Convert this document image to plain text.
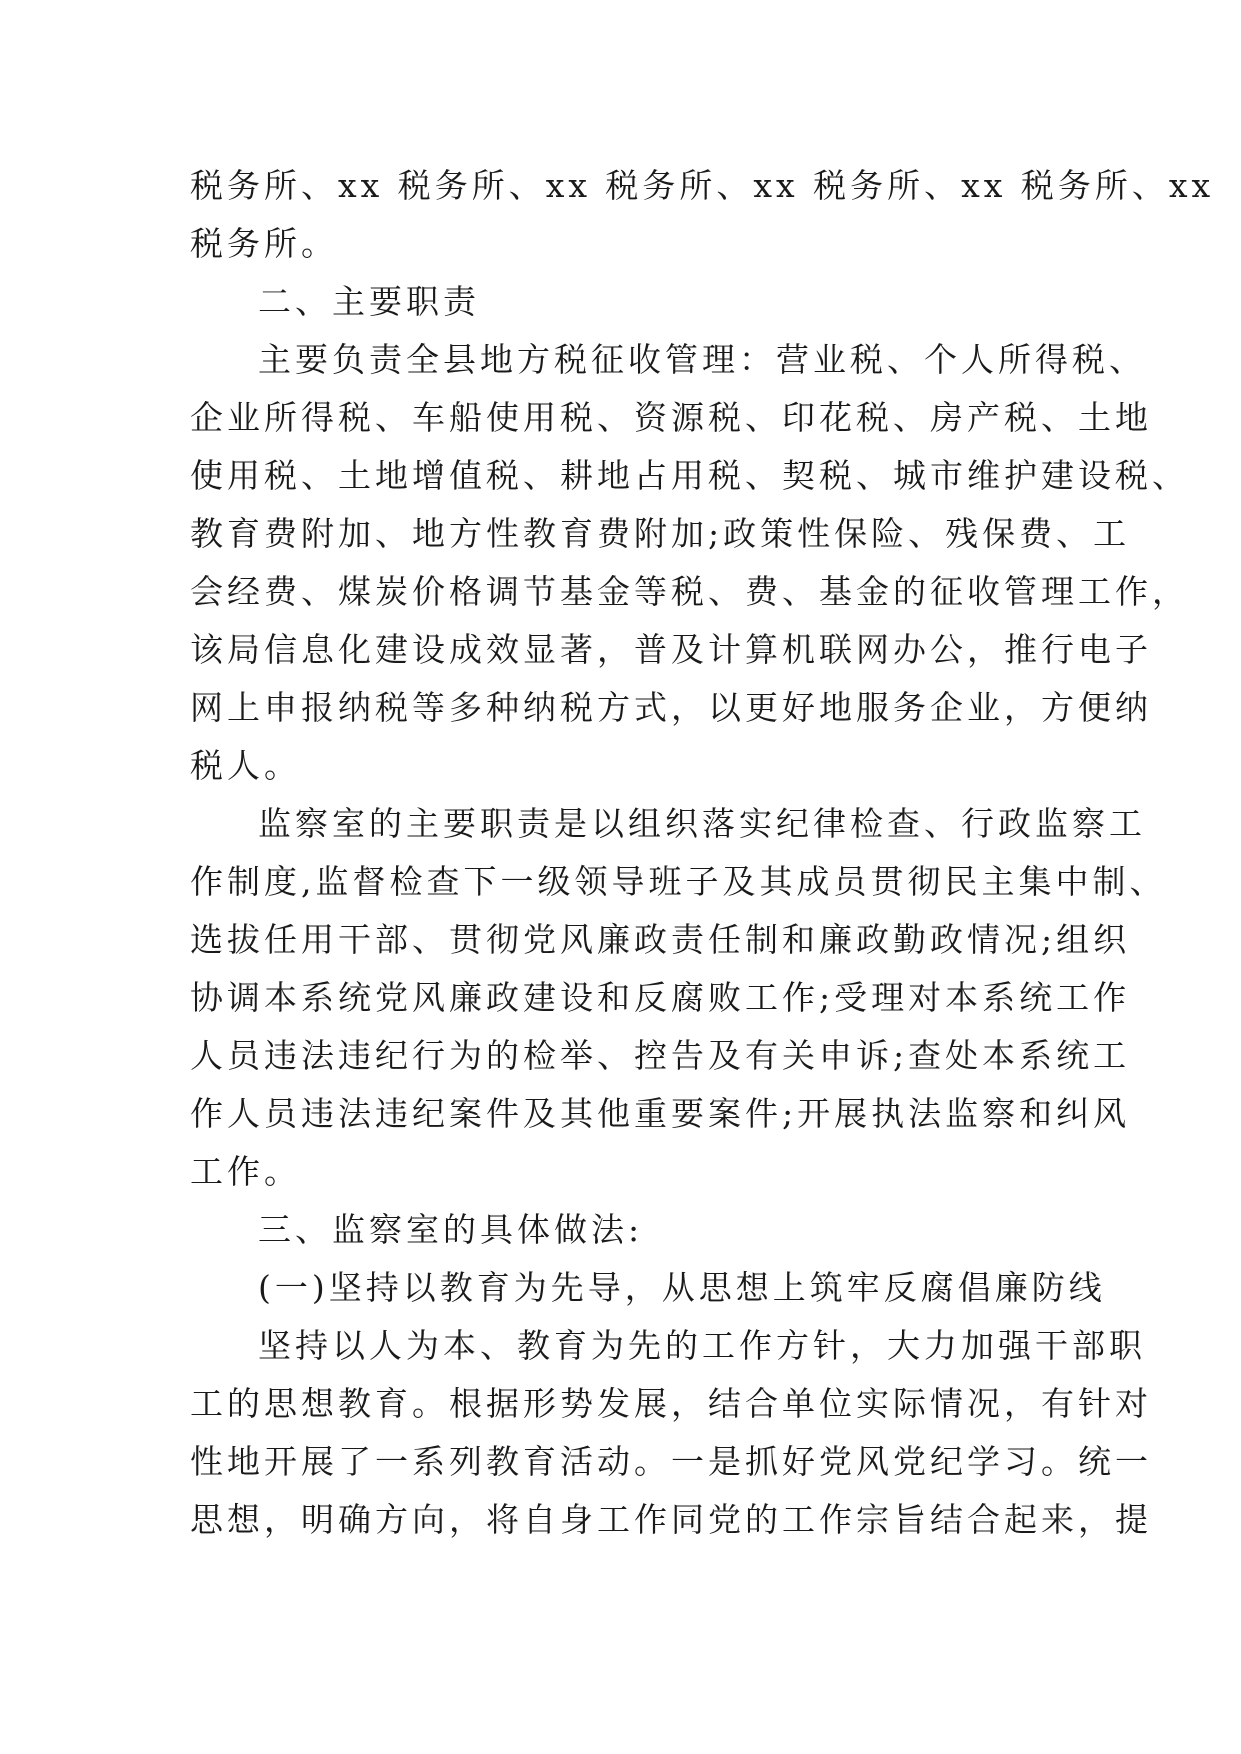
税务所、xx 税务所、xx 税务所、xx 税务所、xx 税务所、xx
税务所。
二、主要职责
主要负责全县地方税征收管理：营业税、个人所得税、
企业所得税、车船使用税、资源税、印花税、房产税、土地
使用税、土地增值税、耕地占用税、契税、城市维护建设税、
教育费附加、地方性教育费附加;政策性保险、残保费、工
会经费、煤炭价格调节基金等税、费、基金的征收管理工作，
该局信息化建设成效显著，普及计算机联网办公，推行电子
网上申报纳税等多种纳税方式，以更好地服务企业，方便纳
税人。
监察室的主要职责是以组织落实纪律检查、行政监察工
作制度,监督检查下一级领导班子及其成员贯彻民主集中制、
选拔任用干部、贯彻党风廉政责任制和廉政勤政情况;组织
协调本系统党风廉政建设和反腐败工作;受理对本系统工作
人员违法违纪行为的检举、控告及有关申诉;查处本系统工
作人员违法违纪案件及其他重要案件;开展执法监察和纠风
工作。
三、监察室的具体做法:
(一)坚持以教育为先导，从思想上筑牢反腐倡廉防线
坚持以人为本、教育为先的工作方针，大力加强干部职
工的思想教育。根据形势发展，结合单位实际情况，有针对
性地开展了一系列教育活动。一是抓好党风党纪学习。统一
思想，明确方向，将自身工作同党的工作宗旨结合起来，提
